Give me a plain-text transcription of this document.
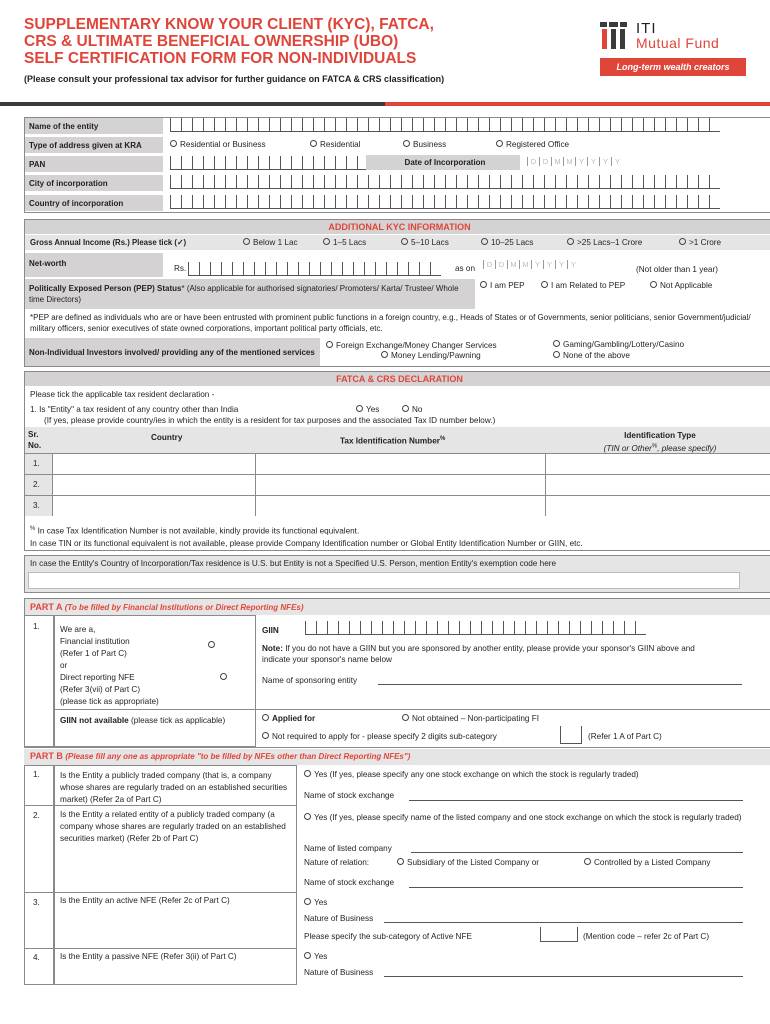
SUPPLEMENTARY KNOW YOUR CLIENT (KYC), FATCA,
CRS & ULTIMATE BENEFICIAL OWNERSHIP (UBO)
SELF CERTIFICATION FORM FOR NON-INDIVIDUALS
(Please consult your professional tax advisor for further guidance on FATCA & CRS classification)
ITI
Mutual Fund
Long-term wealth creators
Name of the entity
Type of address given at KRA	Residential or Business	Residential	Business	Registered Office
PAN	Date of Incorporation	D D M M Y Y Y Y
City of incorporation
Country of incorporation
ADDITIONAL KYC INFORMATION
Gross Annual Income (Rs.) Please tick (✓)	Below 1 Lac	1–5 Lacs	5–10 Lacs	10–25 Lacs	>25 Lacs–1 Crore	>1 Crore
Net-worth
Rs.	as on	D D M M Y Y Y Y
(Not older than 1 year)
Politically Exposed Person (PEP) Status* (Also applicable for authorised signatories/ Promoters/ Karta/ Trustee/ Whole time Directors)
I am PEP	I am Related to PEP	Not Applicable
*PEP are defined as individuals who are or have been entrusted with prominent public functions in a foreign country, e.g., Heads of States or of Governments, senior politicians, senior Government/judicial/ military officers, senior executives of state owned corporations, important political party officials, etc.
Non-Individual Investors involved/ providing any of the mentioned services
Foreign Exchange/Money Changer Services
Money Lending/Pawning
Gaming/Gambling/Lottery/Casino
None of the above
FATCA & CRS DECLARATION
Please tick the applicable tax resident declaration -
1. Is "Entity" a tax resident of any country other than India	Yes	No
(If yes, please provide country/ies in which the entity is a resident for tax purposes and the associated Tax ID number below.)
Sr. No.
Country	Tax Identification Number%	Identification Type
(TIN or Other%, please specify)
1.
2.
3.
% In case Tax Identification Number is not available, kindly provide its functional equivalent.
In case TIN or its functional equivalent is not available, please provide Company Identification number or Global Entity Identification Number or GIIN, etc.
In case the Entity's Country of Incorporation/Tax residence is U.S. but Entity is not a Specified U.S. Person, mention Entity's exemption code here
PART A (To be filled by Financial Institutions or Direct Reporting NFEs)
1. We are a,
Financial institution
(Refer 1 of Part C)
or
Direct reporting NFE
(Refer 3(vii) of Part C)
(please tick as appropriate)

GIIN
Note: If you do not have a GIIN but you are sponsored by another entity, please provide your sponsor's GIIN above and indicate your sponsor's name below
Name of sponsoring entity
GIIN not available (please tick as applicable)	Applied for	Not obtained – Non-participating FI
Not required to apply for - please specify 2 digits sub-category	(Refer 1 A of Part C)
PART B (Please fill any one as appropriate "to be filled by NFEs other than Direct Reporting NFEs")
1. Is the Entity a publicly traded company (that is, a company whose shares are regularly traded on an established securities market) (Refer 2a of Part C)
Yes (If yes, please specify any one stock exchange on which the stock is regularly traded)
Name of stock exchange
2. Is the Entity a related entity of a publicly traded company (a company whose shares are regularly traded on an established securities market) (Refer 2b of Part C)
Yes (If yes, please specify name of the listed company and one stock exchange on which the stock is regularly traded)
Name of listed company
Nature of relation:	Subsidiary of the Listed Company or	Controlled by a Listed Company
Name of stock exchange
3. Is the Entity an active NFE (Refer 2c of Part C)	Yes
Nature of Business
Please specify the sub-category of Active NFE	(Mention code – refer 2c of Part C)
4. Is the Entity a passive NFE (Refer 3(ii) of Part C)	Yes
Nature of Business
